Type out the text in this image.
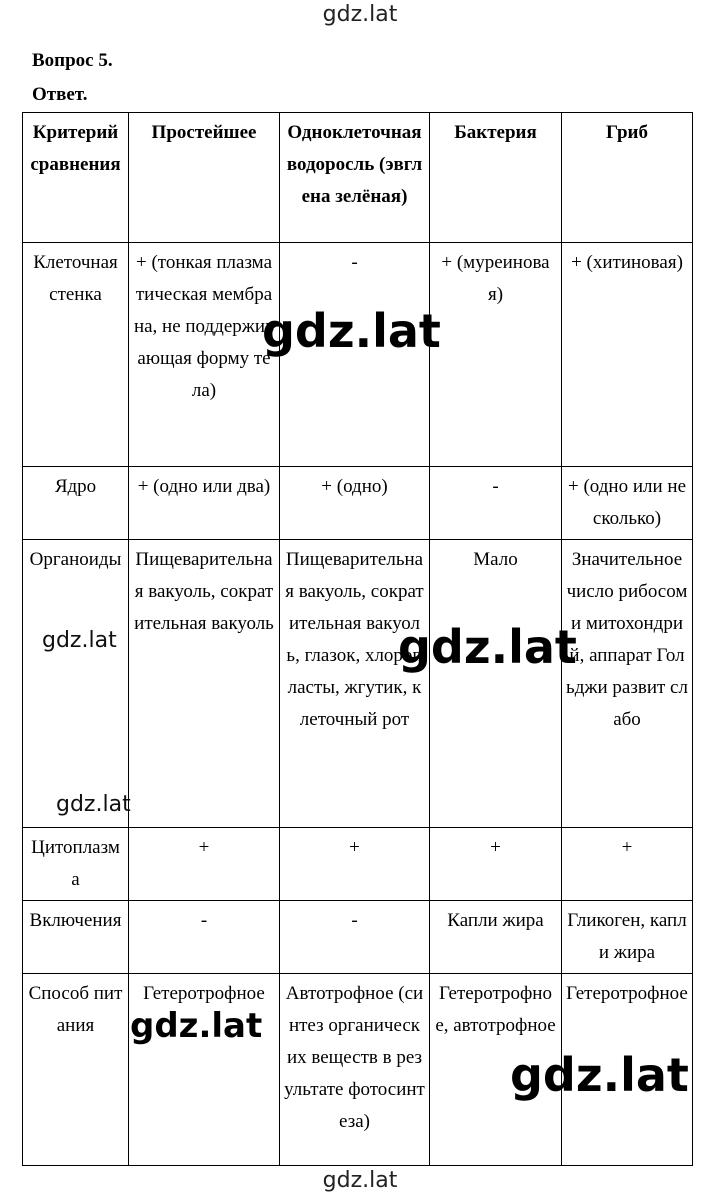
gdz.lat
Вопрос 5.
Ответ.
Критерий сравнения	Простейшее	Одноклеточная водоросль (эвглена зелёная)	Бактерия	Гриб
Клеточная стенка	+ (тонкая плазматическая мембрана, не поддерживающая форму тела)	-	+ (муреиновая)	+ (хитиновая)
Ядро	+ (одно или два)	+ (одно)	-	+ (одно или несколько)
Органоиды	Пищеварительная вакуоль, сократительная вакуоль	Пищеварительная вакуоль, сократительная вакуоль, глазок, хлоропласты, жгутик, клеточный рот	Мало	Значительное число рибосом и митохондрий, аппарат Гольджи развит слабо
Цитоплазма	+	+	+	+
Включения	-	-	Капли жира	Гликоген, капли жира
Способ питания	Гетеротрофное	Автотрофное (синтез органических веществ в результате фотосинтеза)	Гетеротрофное, автотрофное	Гетеротрофное
gdz.lat
gdz.lat
gdz.lat
gdz.lat
gdz.lat
gdz.lat
gdz.lat
